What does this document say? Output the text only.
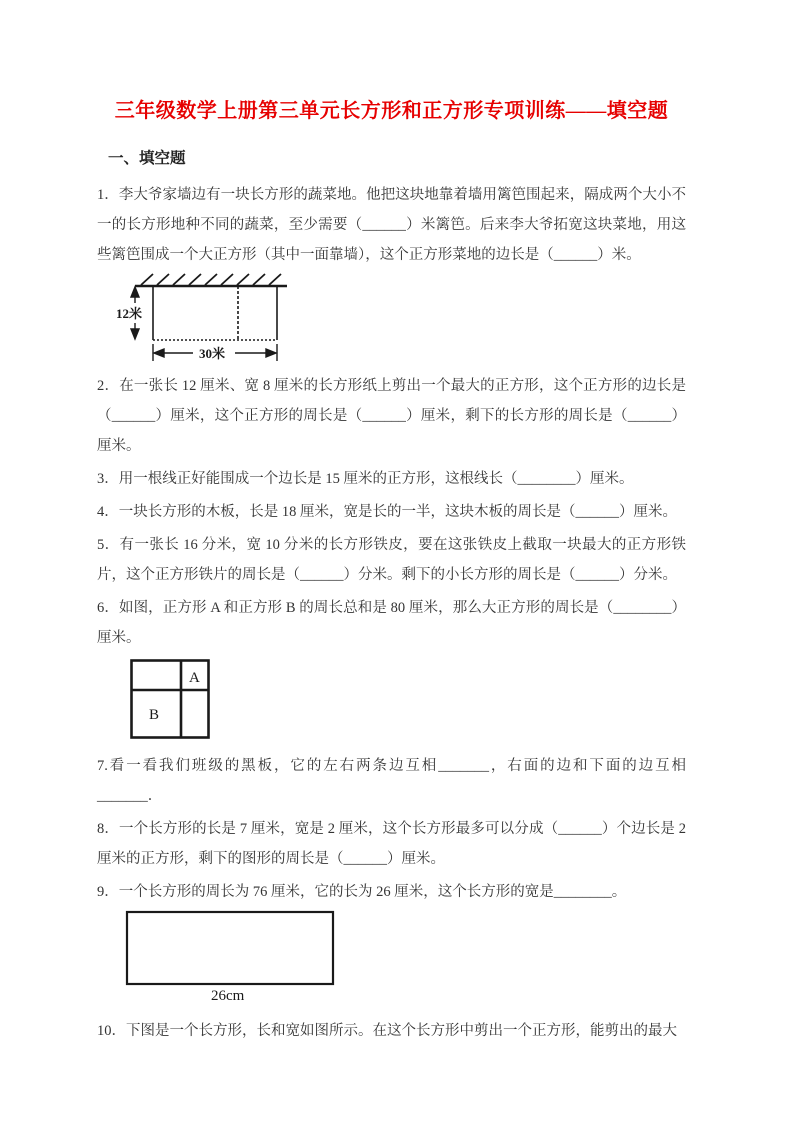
三年级数学上册第三单元长方形和正方形专项训练——填空题
一、填空题

1．李大爷家墙边有一块长方形的蔬菜地。他把这块地靠着墙用篱笆围起来，隔成两个大小不一的长方形地种不同的蔬菜，至少需要（______）米篱笆。后来李大爷拓宽这块菜地，用这些篱笆围成一个大正方形（其中一面靠墙），这个正方形菜地的边长是（______）米。

12米
30米

2．在一张长 12 厘米、宽 8 厘米的长方形纸上剪出一个最大的正方形，这个正方形的边长是（______）厘米，这个正方形的周长是（______）厘米，剩下的长方形的周长是（______）厘米。

3．用一根线正好能围成一个边长是 15 厘米的正方形，这根线长（________）厘米。

4．一块长方形的木板，长是 18 厘米，宽是长的一半，这块木板的周长是（______）厘米。

5．有一张长 16 分米，宽 10 分米的长方形铁皮，要在这张铁皮上截取一块最大的正方形铁片，这个正方形铁片的周长是（______）分米。剩下的小长方形的周长是（______）分米。

6．如图，正方形 A 和正方形 B 的周长总和是 80 厘米，那么大正方形的周长是（________）厘米。

A
B

7.看一看我们班级的黑板，它的左右两条边互相_______，右面的边和下面的边互相_______．

8．一个长方形的长是 7 厘米，宽是 2 厘米，这个长方形最多可以分成（______）个边长是 2 厘米的正方形，剩下的图形的周长是（______）厘米。

9．一个长方形的周长为 76 厘米，它的长为 26 厘米，这个长方形的宽是________。

26cm

10．下图是一个长方形，长和宽如图所示。在这个长方形中剪出一个正方形，能剪出的最大
